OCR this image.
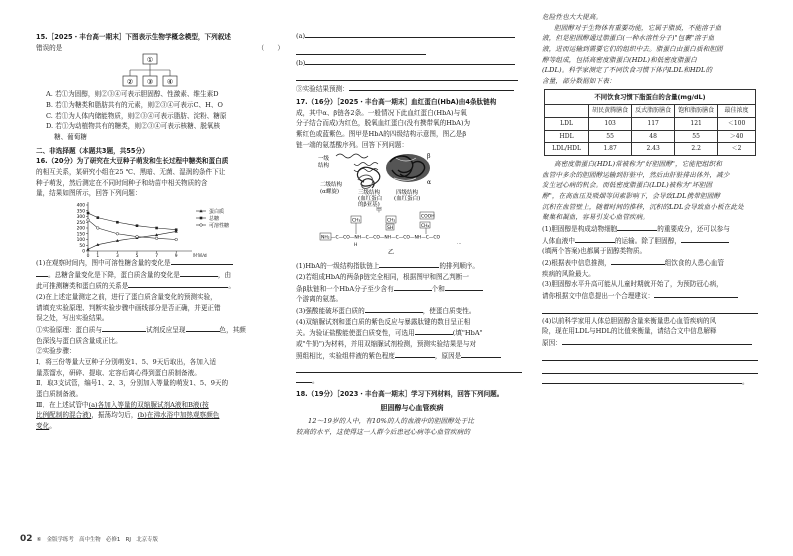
15.［2025・丰台高一期末］下图表示生物学概念模型，下列叙述

错误的是	（　　）

①
② ③ ④

A. 若①为固醇，则②③④可表示胆固醇、性激素、维生素D

B. 若①为糖类和脂肪共有的元素，则②③④可表示C、H、O

C. 若①为人体内储能物质，则②③④可表示脂肪、淀粉、糖原

D. 若①为动植物共有的糖类，则②③④可表示核糖、脱氧核

糖、葡萄糖

二、非选择题（本题共3题，共55分）

16.（20分）为了研究在大豆种子萌发和生长过程中糖类和蛋白质

的相互关系，某研究小组在25 ℃、黑暗、无菌、湿润的条件下让

种子萌发，然后测定在不同时间种子和幼苗中相关物质的含

量，结果如图所示，回答下列问题：

0
50
100
150
200
250
300
350
400
0 1	3	5	7	9	时间/d
蛋白质
总糖
可溶性糖

(1)在观察时间内，图中可溶性糖含量的变化是

。总糖含量变化是下降，蛋白质含量的变化是	，由

此可推测糖类和蛋白质的关系是	。

(2)在上述定量测定之前，进行了蛋白质含量变化的预测实验，

请填充实验原理、判断实验步骤中画线部分是否正确，并更正错

误之处，写出实验结果。

①实验原理：蛋白质与	试剂反应呈现	色，其颜

色深浅与蛋白质含量成正比。

②实验步骤：

Ⅰ．将三份等量大豆种子分别萌发1、5、9天后取出，各加入适

量蒸馏水，研碎、提取、定容后离心得到蛋白质制备液。

Ⅱ．取3支试管，编号1、2、3，分别加入等量的萌发1、5、9天的

蛋白质制备液。

Ⅲ．在上述试管中(a)各加入等量的双缩脲试剂A液和B液(按

比例配制的混合液)，振荡均匀后，(b)在沸水浴中加热观察颜色

变化。

(a)

(b)

③实验结果预测：

17.（16分）［2025・丰台高一期末］血红蛋白(HbA)由4条肽链构

成，其中α、β链各2条。一般情况下此血红蛋白(HbA)与氧

分子结合而成)为红色，脱氧血红蛋白(没有携带氧的HbA)为

紫红色或蓝紫色。图甲是HbA的四级结构示意图，图乙是β

链一端的氨基酸序列。回答下列问题：

一级
结构
β
α
二级结构
(α螺旋)	三级结构
(血红蛋白
的β亚基)
四级结构
(血红蛋白)
甲
CH₃	CH₂
COOH
CH₂
SH
NH₂ —C—CO—NH—C—CO—NH—C—CO—NH—C—CO
H	…
乙

(1)HbA的一级结构指肽链上	的排列顺序。

(2)若组成HbA的两条β链完全相同，根据图甲和图乙判断一

条β肽链和一个HbA分子至少含有	个和

个游离的氨基。

(3)强酸能破坏蛋白质的	，使蛋白质变性。

(4)双缩脲试剂和蛋白质的紫色反应与暴露肽键的数目呈正相

关。为验证盐酸能使蛋白质变性，可选用	(填"HbA"

或"牛奶")为材料，并用双缩脲试剂检测，预测实验结果是与对

照组相比，实验组样液的紫色程度	，原因是

。

18.（19分）［2023・丰台高一期末］学习下列材料，回答下列问题。

胆固醇与心血管疾病

12～19岁的人中，有10%的人的血液中的胆固醇处于比

较高的水平，这使得这一人群今后患冠心病等心血管疾病的

危险性也大大提高。

胆固醇对于生物体有重要功能，它属于脂质，不能溶于血

液，但是胆固醇通过脂蛋白(一种水溶性分子)"包裹"溶于血

液，进而运输到需要它们的组织中去。脂蛋白由蛋白质和胆固

醇等组成，包括高密度脂蛋白(HDL)和低密度脂蛋白

(LDL)。科学家测定了不同饮食习惯下体内LDL和HDL的

含量，部分数据如下表：

不同饮食习惯下脂蛋白的含量(mg/dL)
	胡民黄腾膳食	反式脂肪膳食	饱和脂肪膳食	最佳浓度
LDL	103	117	121	＜100
HDL	55	48	55	＞40
LDL/HDL	1.87	2.43	2.2	＜2

高密度脂蛋白(HDL)常被称为"好胆固醇"，它能把组织和

血管中多余的胆固醇运输到肝脏中，然后由肝脏排出体外，减少

发生冠心病的机会。而低密度脂蛋白(LDL)被称为"坏胆固

醇"，在高血压及吸烟等因素影响下，会导致LDL携带胆固醇

沉积在血管壁上，随着时间的推移，沉积的LDL会导致血小板在此处

聚集和凝血，容易引发心血管疾病。

(1)胆固醇是构成动物细胞	的重要成分，还可以参与

人体血液中	的运输。除了胆固醇，

(填两个答案)也都属于固醇类物质。

(2)根据表中信息推测，	组饮食的人患心血管

疾病的风险最大。

(3)胆固醇水平升高可能从儿童时期就开始了，为预防冠心病，

请你根据文中信息提出一个合理建议：

(4)以前科学家用人体总胆固醇含量来衡量患心血管疾病的风

险，现在用LDL与HDL的比值来衡量，请结合文中信息解释

原因：

。

02 ⑥　金版学练考　高中生物　必修1　RJ　北京专版
